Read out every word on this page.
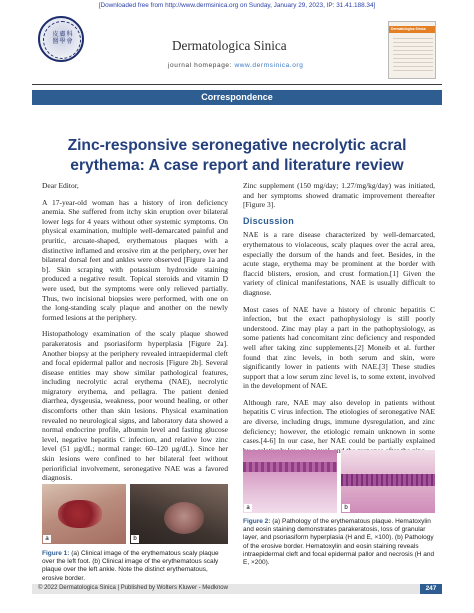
[Downloaded free from http://www.dermsinica.org on Sunday, January 29, 2023, IP: 31.41.188.34]
皮膚科醫學會	Dermatologica Sinica
journal homepage: www.dermsinica.org
Dermatologica Sinica
Correspondence
Zinc-responsive seronegative necrolytic acral erythema: A case report and literature review

Dear Editor,

A 17-year-old woman has a history of iron deficiency anemia. She suffered from itchy skin eruption over bilateral lower legs for 4 years without other systemic symptoms. On physical examination, multiple well-demarcated painful and pruritic, arcuate-shaped, erythematous plaques with a distinctive inflamed and erosive rim at the periphery, over her bilateral dorsal feet and ankles were observed [Figure 1a and b]. Skin scraping with potassium hydroxide staining produced a negative result. Topical steroids and vitamin D were used, but the symptoms were only relieved partially. Thus, two incisional biopsies were performed, with one on the long-standing scaly plaque and another on the newly formed lesions at the periphery.

Histopathology examination of the scaly plaque showed parakeratosis and psoriasiform hyperplasia [Figure 2a]. Another biopsy at the periphery revealed intraepidermal cleft and focal epidermal pallor and necrosis [Figure 2b]. Several disease entities may show similar pathological features, including necrolytic acral erythema (NAE), necrolytic migratory erythema, and pellagra. The patient denied diarrhea, dysgeusia, weakness, poor wound healing, or other discomforts other than skin lesions. Physical examination revealed no neurological signs, and laboratory data showed a normal endocrine profile, albumin level and fasting glucose level, negative hepatitis C infection, and relative low zinc level (51 µg/dL; normal range: 60–120 µg/dL). Since her skin lesions were confined to her bilateral feet without periorificial involvement, seronegative NAE was a favored diagnosis.

Zinc supplement (150 mg/day; 1.27/mg/kg/day) was initiated, and her symptoms showed dramatic improvement thereafter [Figure 3].

Discussion

NAE is a rare disease characterized by well-demarcated, erythematous to violaceous, scaly plaques over the acral area, especially the dorsum of the hands and feet. Besides, in the acute stage, erythema may be prominent at the border with flaccid blisters, erosion, and crust formation.[1] Given the variety of clinical manifestations, NAE is usually difficult to diagnose.

Most cases of NAE have a history of chronic hepatitis C infection, but the exact pathophysiology is still poorly understood. Zinc may play a part in the pathophysiology, as some patients had concomitant zinc deficiency and responded well after taking zinc supplements.[2] Moneib et al. further found that zinc levels, in both serum and skin, were significantly lower in patients with NAE.[3] These studies support that a low serum zinc level is, to some extent, involved in the development of NAE.

Although rare, NAE may also develop in patients without hepatitis C virus infection. The etiologies of seronegative NAE are diverse, including drugs, immune dysregulation, and zinc deficiency; however, the etiologic remain unknown in some cases.[4-6] In our case, her NAE could be partially explained and

a	b
Figure 1: (a) Clinical image of the erythematous scaly plaque over the left foot. (b) Clinical image of the erythematous scaly plaque over the left ankle. Note the distinct erythematous, erosive border.
a	b
Figure 2: (a) Pathology of the erythematous plaque. Hematoxylin and eosin staining demonstrates parakeratosis, loss of granular layer, and psoriasiform hyperplasia (H and E, ×100). (b) Pathology of the erosive border. Hematoxylin and eosin staining reveals intraepidermal cleft and focal epidermal pallor and necrosis (H and E, ×200).
© 2022 Dermatologica Sinica | Published by Wolters Kluwer - Medknow	247
